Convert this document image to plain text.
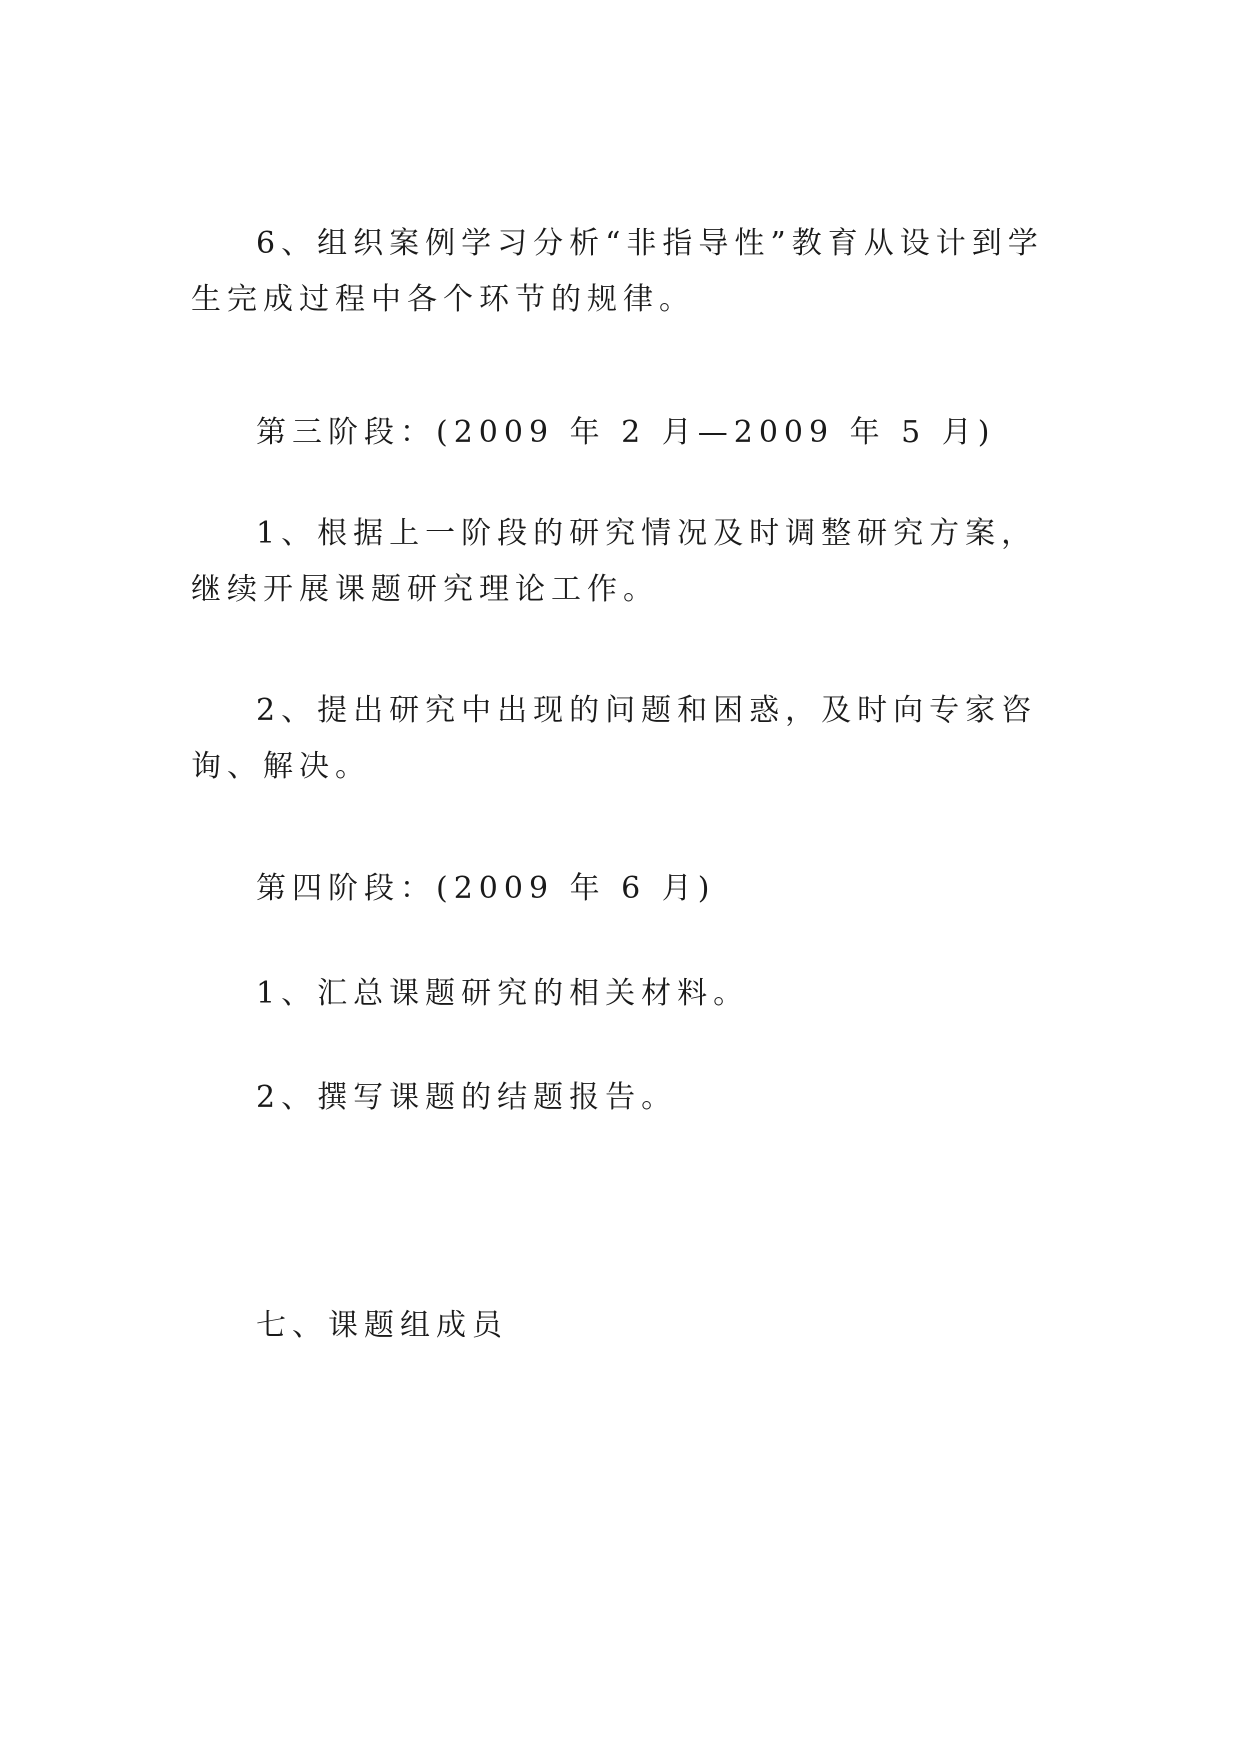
6、组织案例学习分析“非指导性”教育从设计到学生完成过程中各个环节的规律。

第三阶段：(2009 年 2 月—2009 年 5 月)

1、根据上一阶段的研究情况及时调整研究方案，继续开展课题研究理论工作。

2、提出研究中出现的问题和困惑，及时向专家咨询、解决。

第四阶段：(2009 年 6 月)

1、汇总课题研究的相关材料。

2、撰写课题的结题报告。

七、课题组成员
